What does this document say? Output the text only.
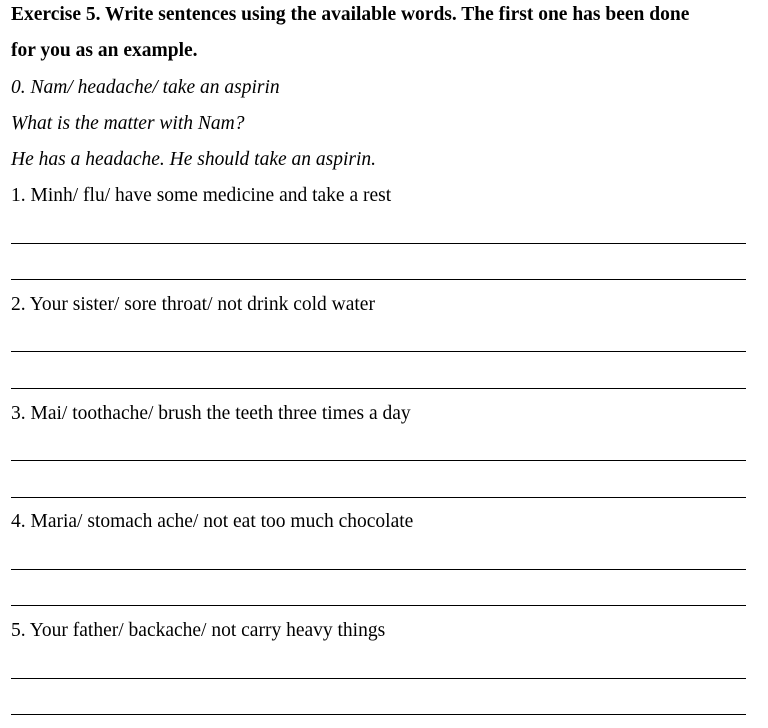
Exercise 5. Write sentences using the available words. The first one has been done
for you as an example.
0. Nam/ headache/ take an aspirin
What is the matter with Nam?
He has a headache. He should take an aspirin.
1. Minh/ flu/ have some medicine and take a rest
2. Your sister/ sore throat/ not drink cold water
3. Mai/ toothache/ brush the teeth three times a day
4. Maria/ stomach ache/ not eat too much chocolate
5. Your father/ backache/ not carry heavy things
